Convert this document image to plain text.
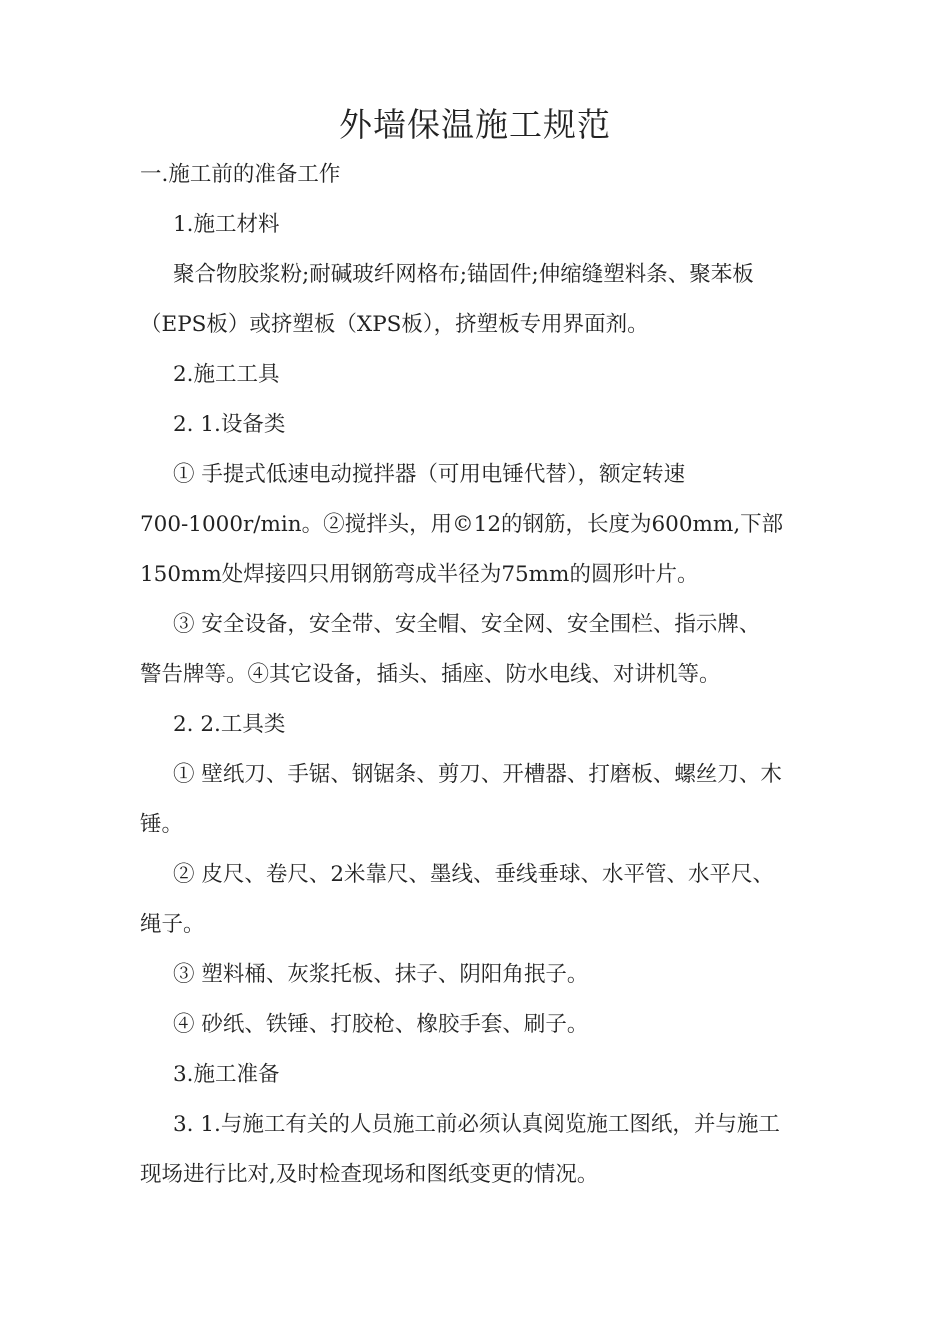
外墙保温施工规范
一.施工前的准备工作
1.施工材料
聚合物胶浆粉;耐碱玻纤网格布;锚固件;伸缩缝塑料条、聚苯板
（EPS板）或挤塑板（XPS板），挤塑板专用界面剂。
2.施工工具
2. 1.设备类
① 手提式低速电动搅拌器（可用电锤代替），额定转速
700-1000r/min。②搅拌头，用©12的钢筋，长度为600mm,下部
150mm处焊接四只用钢筋弯成半径为75mm的圆形叶片。
③ 安全设备，安全带、安全帽、安全网、安全围栏、指示牌、
警告牌等。④其它设备，插头、插座、防水电线、对讲机等。
2. 2.工具类
① 壁纸刀、手锯、钢锯条、剪刀、开槽器、打磨板、螺丝刀、木
锤。
② 皮尺、卷尺、2米靠尺、墨线、垂线垂球、水平管、水平尺、
绳子。
③ 塑料桶、灰浆托板、抹子、阴阳角抿子。
④ 砂纸、铁锤、打胶枪、橡胶手套、刷子。
3.施工准备
3. 1.与施工有关的人员施工前必须认真阅览施工图纸，并与施工
现场进行比对,及时检查现场和图纸变更的情况。
